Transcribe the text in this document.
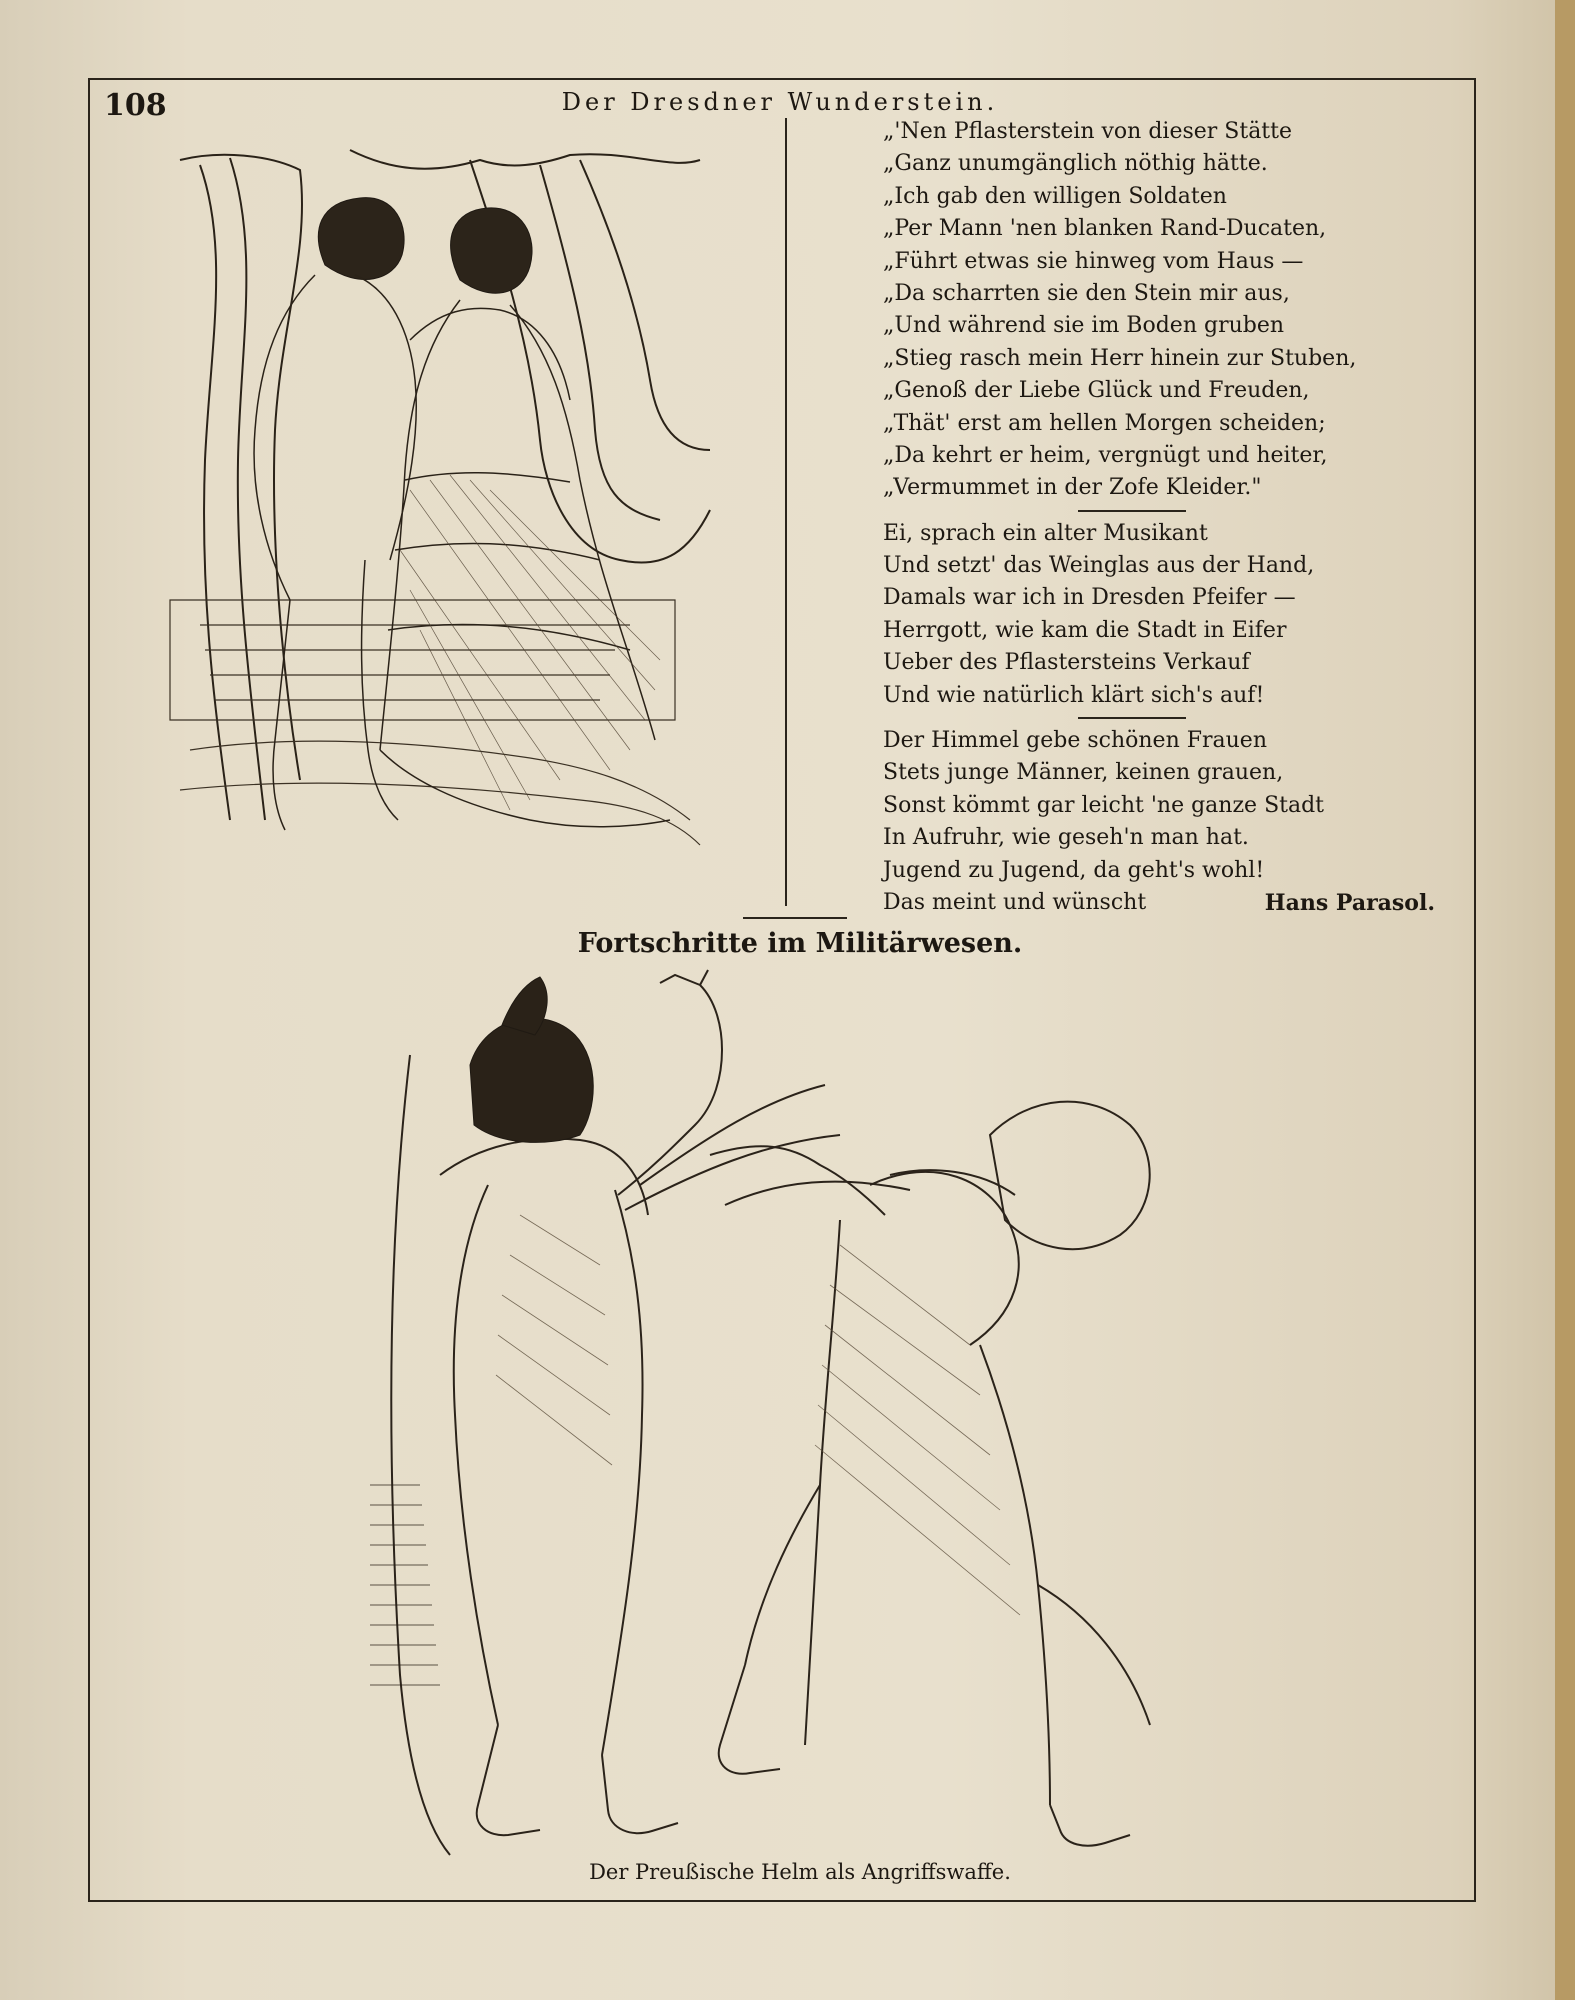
108	Der Dresdner Wunderstein.
„'Nen Pflasterstein von dieser Stätte
„Ganz unumgänglich nöthig hätte.
„Ich gab den willigen Soldaten
„Per Mann 'nen blanken Rand-Ducaten,
„Führt etwas sie hinweg vom Haus —
„Da scharrten sie den Stein mir aus,
„Und während sie im Boden gruben
„Stieg rasch mein Herr hinein zur Stuben,
„Genoß der Liebe Glück und Freuden,
„Thät' erst am hellen Morgen scheiden;
„Da kehrt er heim, vergnügt und heiter,
„Vermummet in der Zofe Kleider."
Ei, sprach ein alter Musikant
Und setzt' das Weinglas aus der Hand,
Damals war ich in Dresden Pfeifer —
Herrgott, wie kam die Stadt in Eifer
Ueber des Pflastersteins Verkauf
Und wie natürlich klärt sich's auf!
Der Himmel gebe schönen Frauen
Stets junge Männer, keinen grauen,
Sonst kömmt gar leicht 'ne ganze Stadt
In Aufruhr, wie geseh'n man hat.
Jugend zu Jugend, da geht's wohl!
Das meint und wünscht	Hans Parasol.
Fortschritte im Militärwesen.
Der Preußische Helm als Angriffswaffe.
